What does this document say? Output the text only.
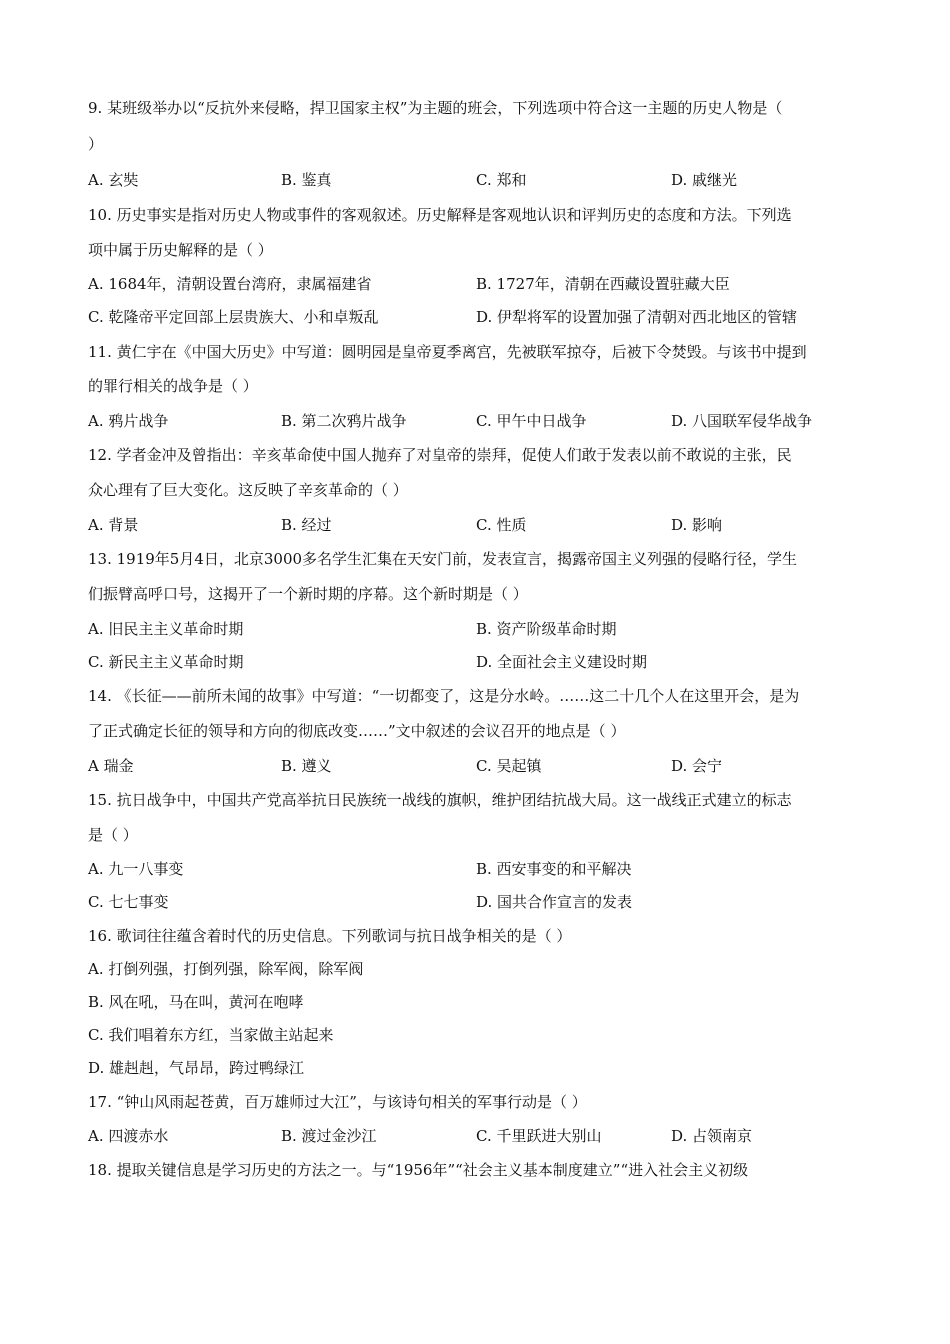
9. 某班级举办以“反抗外来侵略，捍卫国家主权”为主题的班会，下列选项中符合这一主题的历史人物是（
）
A. 玄奘	B. 鉴真	C. 郑和	D. 戚继光
10. 历史事实是指对历史人物或事件的客观叙述。历史解释是客观地认识和评判历史的态度和方法。下列选
项中属于历史解释的是（ ）
A. 1684年，清朝设置台湾府，隶属福建省	B. 1727年，清朝在西藏设置驻藏大臣
C. 乾隆帝平定回部上层贵族大、小和卓叛乱	D. 伊犁将军的设置加强了清朝对西北地区的管辖
11. 黄仁宇在《中国大历史》中写道：圆明园是皇帝夏季离宫，先被联军掠夺，后被下令焚毁。与该书中提到
的罪行相关的战争是（ ）
A. 鸦片战争	B. 第二次鸦片战争	C. 甲午中日战争	D. 八国联军侵华战争
12. 学者金冲及曾指出：辛亥革命使中国人抛弃了对皇帝的崇拜，促使人们敢于发表以前不敢说的主张，民
众心理有了巨大变化。这反映了辛亥革命的（ ）
A. 背景	B. 经过	C. 性质	D. 影响
13. 1919年5月4日，北京3000多名学生汇集在天安门前，发表宣言，揭露帝国主义列强的侵略行径，学生
们振臂高呼口号，这揭开了一个新时期的序幕。这个新时期是（ ）
A. 旧民主主义革命时期	B. 资产阶级革命时期
C. 新民主主义革命时期	D. 全面社会主义建设时期
14. 《长征——前所未闻的故事》中写道：“一切都变了，这是分水岭。……这二十几个人在这里开会，是为
了正式确定长征的领导和方向的彻底改变……”文中叙述的会议召开的地点是（ ）
A 瑞金	B. 遵义	C. 吴起镇	D. 会宁
15. 抗日战争中，中国共产党高举抗日民族统一战线的旗帜，维护团结抗战大局。这一战线正式建立的标志
是（ ）
A. 九一八事变	B. 西安事变的和平解决
C. 七七事变	D. 国共合作宣言的发表
16. 歌词往往蕴含着时代的历史信息。下列歌词与抗日战争相关的是（ ）
A. 打倒列强，打倒列强，除军阀，除军阀
B. 风在吼，马在叫，黄河在咆哮
C. 我们唱着东方红，当家做主站起来
D. 雄赳赳，气昂昂，跨过鸭绿江
17. “钟山风雨起苍黄，百万雄师过大江”，与该诗句相关的军事行动是（ ）
A. 四渡赤水	B. 渡过金沙江	C. 千里跃进大别山	D. 占领南京
18. 提取关键信息是学习历史的方法之一。与“1956年”“社会主义基本制度建立”“进入社会主义初级
